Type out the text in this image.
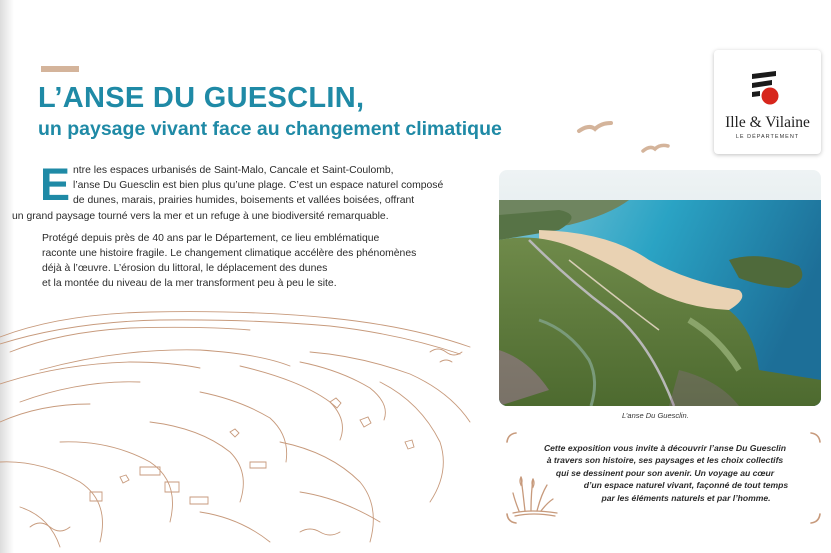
L’ANSE DU GUESCLIN,
un paysage vivant face au changement climatique	Ille & Vilaine
LE DÉPARTEMENT
E ntre les espaces urbanisés de Saint-Malo, Cancale et Saint-Coulomb,
l’anse Du Guesclin est bien plus qu’une plage. C’est un espace naturel composé
de dunes, marais, prairies humides, boisements et vallées boisées, offrant
un grand paysage tourné vers la mer et un refuge à une biodiversité remarquable.
Protégé depuis près de 40 ans par le Département, ce lieu emblématique
raconte une histoire fragile. Le changement climatique accélère des phénomènes
déjà à l’œuvre. L’érosion du littoral, le déplacement des dunes
et la montée du niveau de la mer transforment peu à peu le site.
L’anse Du Guesclin.
Cette exposition vous invite à découvrir l’anse Du Guesclin
à travers son histoire, ses paysages et les choix collectifs
qui se dessinent pour son avenir. Un voyage au cœur
d’un espace naturel vivant, façonné de tout temps
par les éléments naturels et par l’homme.
